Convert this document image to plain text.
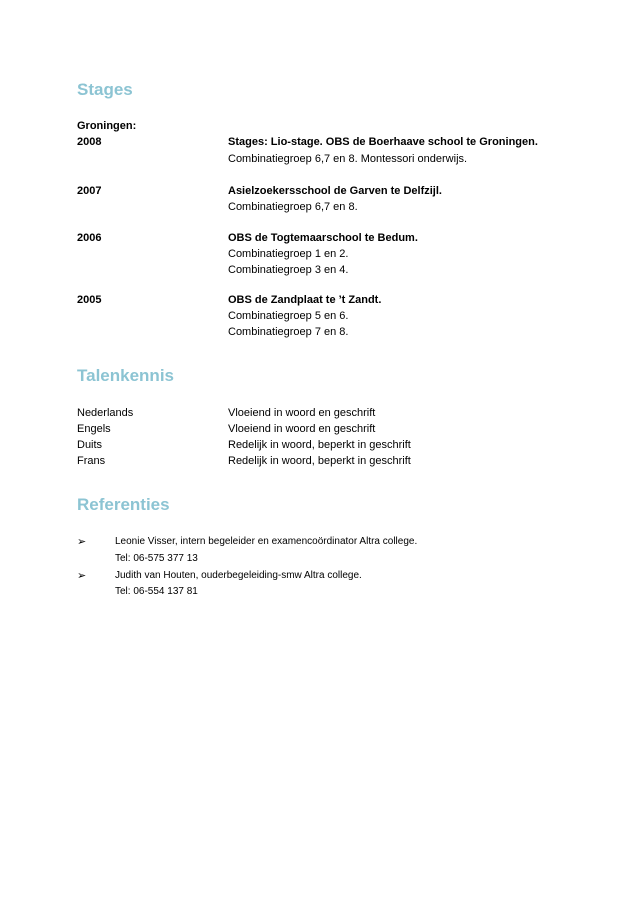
Stages
Groningen:
2008	Stages: Lio-stage. OBS de Boerhaave school te Groningen.
Combinatiegroep 6,7 en 8. Montessori onderwijs.
2007	Asielzoekersschool de Garven te Delfzijl.
Combinatiegroep 6,7 en 8.
2006	OBS de Togtemaarschool te Bedum.
Combinatiegroep 1 en 2.
Combinatiegroep 3 en 4.
2005	OBS de Zandplaat te ’t Zandt.
Combinatiegroep 5 en 6.
Combinatiegroep 7 en 8.
Talenkennis
Nederlands	Vloeiend in woord en geschrift
Engels	Vloeiend in woord en geschrift
Duits	Redelijk in woord, beperkt in geschrift
Frans	Redelijk in woord, beperkt in geschrift
Referenties
➢	Leonie Visser, intern begeleider en examencoördinator Altra college.
Tel: 06-575 377 13
➢	Judith van Houten, ouderbegeleiding-smw Altra college.
Tel: 06-554 137 81
